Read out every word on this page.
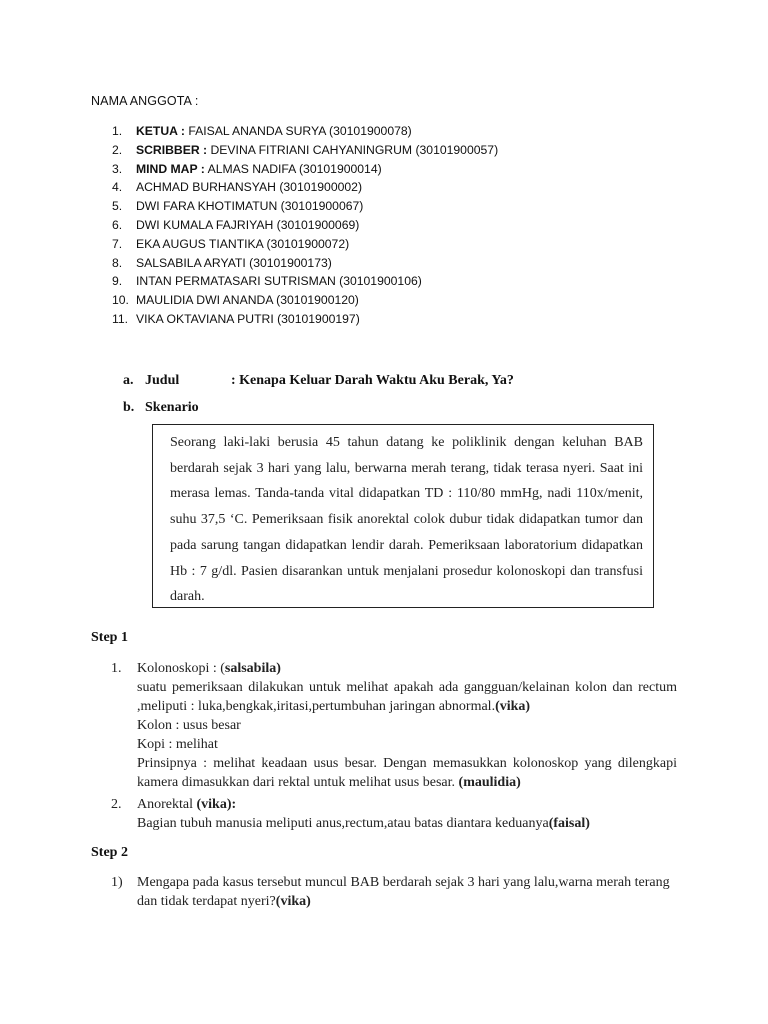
NAMA ANGGOTA :
1. KETUA : FAISAL ANANDA SURYA (30101900078)
2. SCRIBBER : DEVINA FITRIANI CAHYANINGRUM (30101900057)
3. MIND MAP : ALMAS NADIFA (30101900014)
4. ACHMAD BURHANSYAH (30101900002)
5. DWI FARA KHOTIMATUN (30101900067)
6. DWI KUMALA FAJRIYAH (30101900069)
7. EKA AUGUS TIANTIKA (30101900072)
8. SALSABILA ARYATI (30101900173)
9. INTAN PERMATASARI SUTRISMAN (30101900106)
10. MAULIDIA DWI ANANDA (30101900120)
11. VIKA OKTAVIANA PUTRI (30101900197)
a. Judul	: Kenapa Keluar Darah Waktu Aku Berak, Ya?
b. Skenario
Seorang laki-laki berusia 45 tahun datang ke poliklinik dengan keluhan BAB berdarah sejak 3 hari yang lalu, berwarna merah terang, tidak terasa nyeri. Saat ini merasa lemas. Tanda-tanda vital didapatkan TD : 110/80 mmHg, nadi 110x/menit, suhu 37,5 ‘C. Pemeriksaan fisik anorektal colok dubur tidak didapatkan tumor dan pada sarung tangan didapatkan lendir darah. Pemeriksaan laboratorium didapatkan Hb : 7 g/dl. Pasien disarankan untuk menjalani prosedur kolonoskopi dan transfusi darah.
Step 1
1. Kolonoskopi : (salsabila)

suatu pemeriksaan dilakukan untuk melihat apakah ada gangguan/kelainan kolon dan rectum ,meliputi : luka,bengkak,iritasi,pertumbuhan jaringan abnormal.(vika)

Kolon : usus besar

Kopi : melihat

Prinsipnya : melihat keadaan usus besar. Dengan memasukkan kolonoskop yang dilengkapi kamera dimasukkan dari rektal untuk melihat usus besar. (maulidia)

2. Anorektal (vika):

Bagian tubuh manusia meliputi anus,rectum,atau batas diantara keduanya(faisal)

Step 2
1) Mengapa pada kasus tersebut muncul BAB berdarah sejak 3 hari yang lalu,warna merah terang dan tidak terdapat nyeri?(vika)
